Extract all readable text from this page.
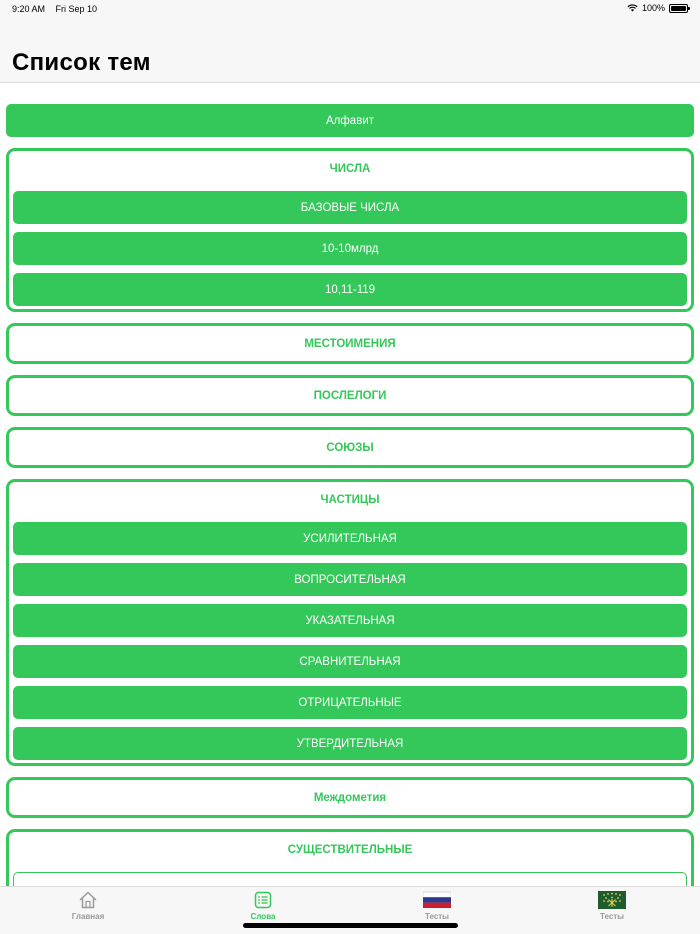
9:20 AM Fri Sep 10	100%
Список тем
Алфавит
ЧИСЛА
БАЗОВЫЕ ЧИСЛА
10-10млрд
10,11-119
МЕСТОИМЕНИЯ
ПОСЛЕЛОГИ
СОЮЗЫ
ЧАСТИЦЫ
УСИЛИТЕЛЬНАЯ
ВОПРОСИТЕЛЬНАЯ
УКАЗАТЕЛЬНАЯ
СРАВНИТЕЛЬНАЯ
ОТРИЦАТЕЛЬНЫЕ
УТВЕРДИТЕЛЬНАЯ
Междометия
СУЩЕСТВИТЕЛЬНЫЕ
Главная	Слова	Тесты	Тесты
